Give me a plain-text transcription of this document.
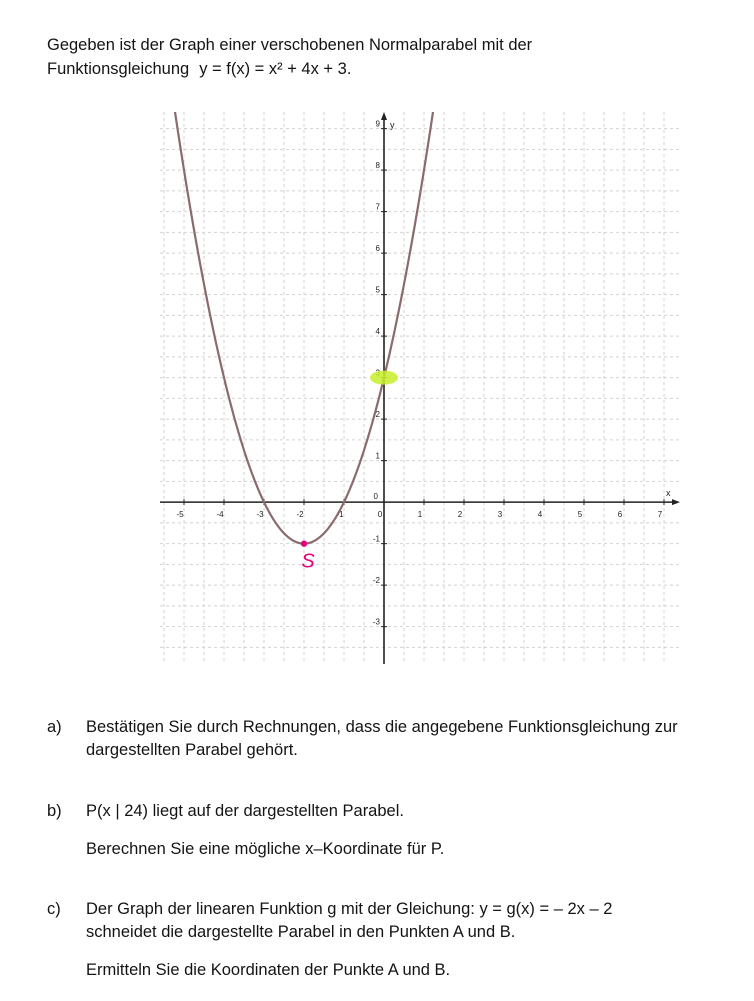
Gegeben ist der Graph einer verschobenen Normalparabel mit der
Funktionsgleichung y = f(x) = x² + 4x + 3.
-5	-4	-3	-2	-1	0	1	2	3	4	5	6	7
-3
-2
-1
0
1
2
4
5
6
7
8
9
x
y
S
a)	Bestätigen Sie durch Rechnungen, dass die angegebene Funktionsgleichung zur

dargestellten Parabel gehört.

b)	P(x | 24) liegt auf der dargestellten Parabel.

Berechnen Sie eine mögliche x–Koordinate für P.

c)	Der Graph der linearen Funktion g mit der Gleichung: y = g(x) = – 2x – 2

schneidet die dargestellte Parabel in den Punkten A und B.

Ermitteln Sie die Koordinaten der Punkte A und B.
